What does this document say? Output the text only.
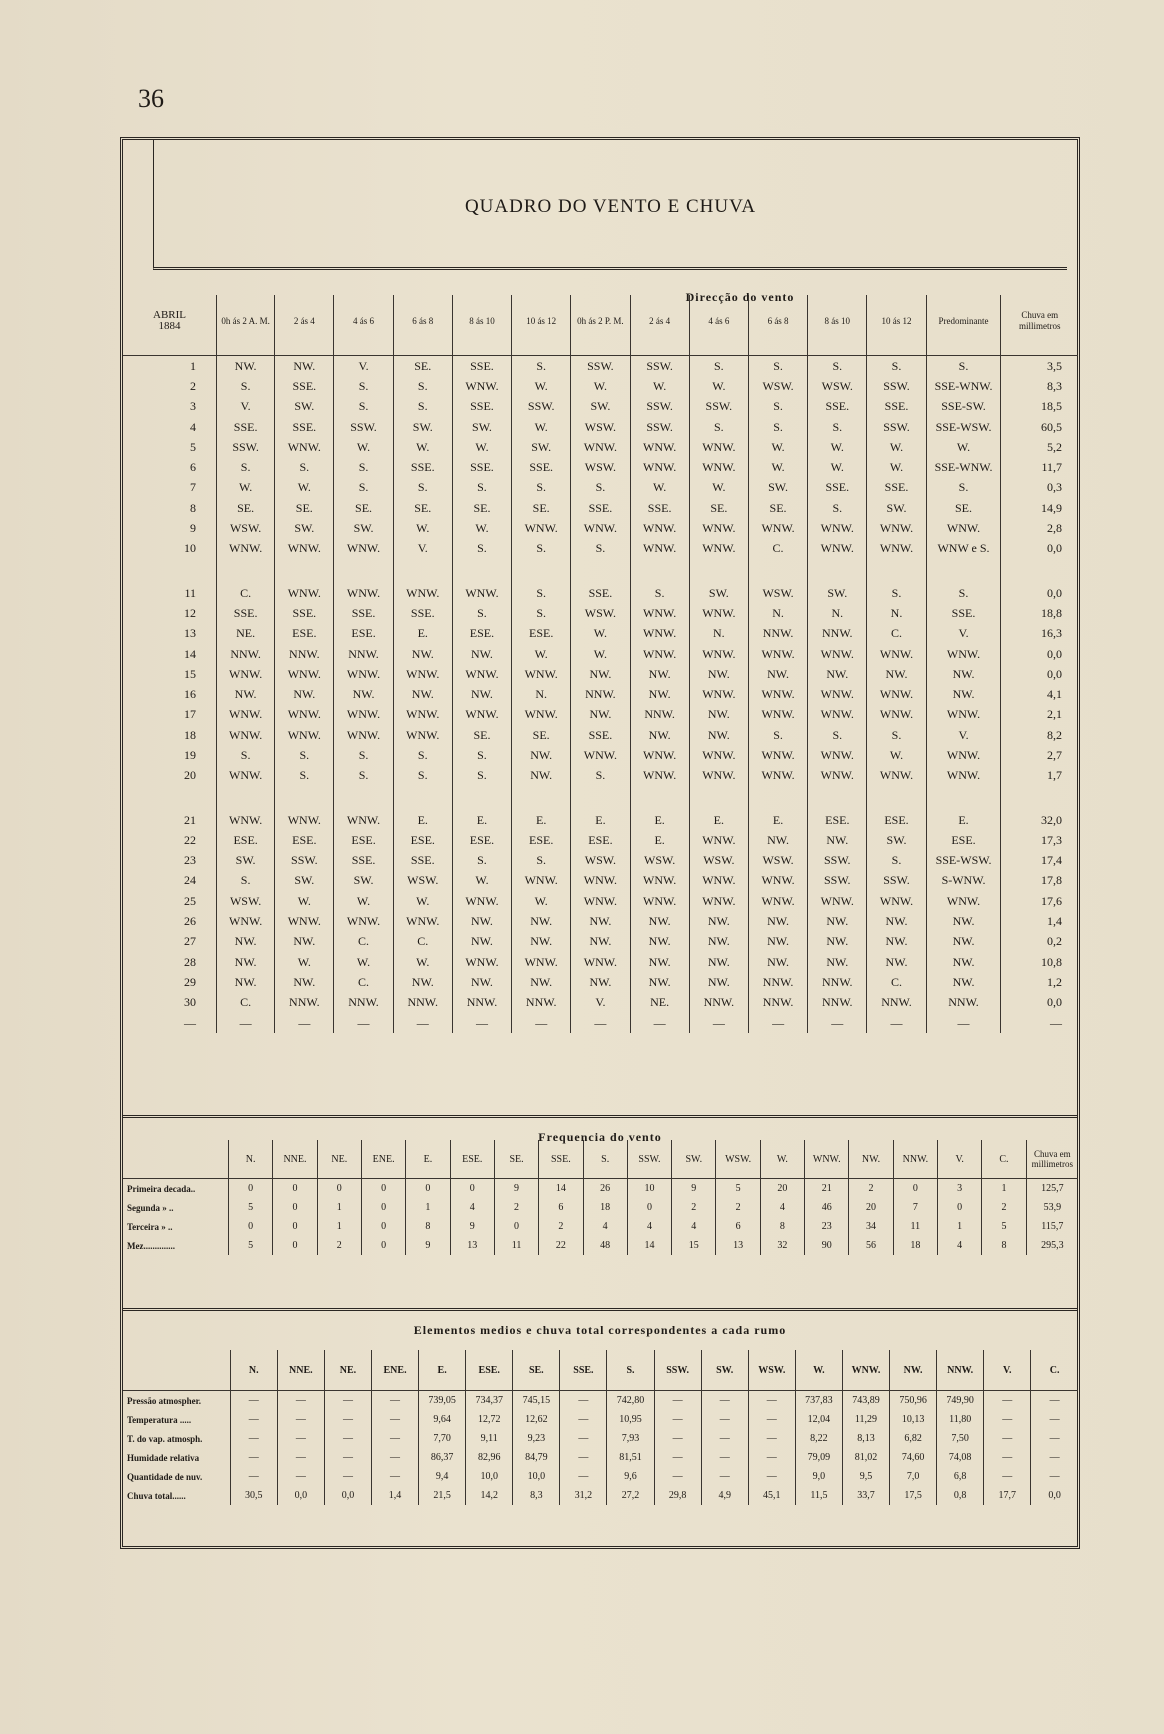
36
QUADRO DO VENTO E CHUVA
Direcção do vento
ABRIL
1884	0h ás 2 A. M.	2 ás 4	4 ás 6	6 ás 8	8 ás 10	10 ás 12	0h ás 2 P. M.	2 ás 4	4 ás 6	6 ás 8	8 ás 10	10 ás 12	Predominante	Chuva em millimetros

1	NW.	NW.	V.	SE.	SSE.	S.	SSW.	SSW.	S.	S.	S.	S.	S.	3,5
2	S.	SSE.	S.	S.	WNW.	W.	W.	W.	W.	WSW.	WSW.	SSW.	SSE-WNW.	8,3
3	V.	SW.	S.	S.	SSE.	SSW.	SW.	SSW.	SSW.	S.	SSE.	SSE.	SSE-SW.	18,5
4	SSE.	SSE.	SSW.	SW.	SW.	W.	WSW.	SSW.	S.	S.	S.	SSW.	SSE-WSW.	60,5
5	SSW.	WNW.	W.	W.	W.	SW.	WNW.	WNW.	WNW.	W.	W.	W.	W.	5,2
6	S.	S.	S.	SSE.	SSE.	SSE.	WSW.	WNW.	WNW.	W.	W.	W.	SSE-WNW.	11,7
7	W.	W.	S.	S.	S.	S.	S.	W.	W.	SW.	SSE.	SSE.	S.	0,3
8	SE.	SE.	SE.	SE.	SE.	SE.	SSE.	SSE.	SE.	SE.	S.	SW.	SE.	14,9
9	WSW.	SW.	SW.	W.	W.	WNW.	WNW.	WNW.	WNW.	WNW.	WNW.	WNW.	WNW.	2,8
10	WNW.	WNW.	WNW.	V.	S.	S.	S.	WNW.	WNW.	C.	WNW.	WNW.	WNW e S.	0,0

11	C.	WNW.	WNW.	WNW.	WNW.	S.	SSE.	S.	SW.	WSW.	SW.	S.	S.	0,0
12	SSE.	SSE.	SSE.	SSE.	S.	S.	WSW.	WNW.	WNW.	N.	N.	N.	SSE.	18,8
13	NE.	ESE.	ESE.	E.	ESE.	ESE.	W.	WNW.	N.	NNW.	NNW.	C.	V.	16,3
14	NNW.	NNW.	NNW.	NW.	NW.	W.	W.	WNW.	WNW.	WNW.	WNW.	WNW.	WNW.	0,0
15	WNW.	WNW.	WNW.	WNW.	WNW.	WNW.	NW.	NW.	NW.	NW.	NW.	NW.	NW.	0,0
16	NW.	NW.	NW.	NW.	NW.	N.	NNW.	NW.	WNW.	WNW.	WNW.	WNW.	NW.	4,1
17	WNW.	WNW.	WNW.	WNW.	WNW.	WNW.	NW.	NNW.	NW.	WNW.	WNW.	WNW.	WNW.	2,1
18	WNW.	WNW.	WNW.	WNW.	SE.	SE.	SSE.	NW.	NW.	S.	S.	S.	V.	8,2
19	S.	S.	S.	S.	S.	NW.	WNW.	WNW.	WNW.	WNW.	WNW.	W.	WNW.	2,7
20	WNW.	S.	S.	S.	S.	NW.	S.	WNW.	WNW.	WNW.	WNW.	WNW.	WNW.	1,7

21	WNW.	WNW.	WNW.	E.	E.	E.	E.	E.	E.	E.	ESE.	ESE.	E.	32,0
22	ESE.	ESE.	ESE.	ESE.	ESE.	ESE.	ESE.	E.	WNW.	NW.	NW.	SW.	ESE.	17,3
23	SW.	SSW.	SSE.	SSE.	S.	S.	WSW.	WSW.	WSW.	WSW.	SSW.	S.	SSE-WSW.	17,4
24	S.	SW.	SW.	WSW.	W.	WNW.	WNW.	WNW.	WNW.	WNW.	SSW.	SSW.	S-WNW.	17,8
25	WSW.	W.	W.	W.	WNW.	W.	WNW.	WNW.	WNW.	WNW.	WNW.	WNW.	WNW.	17,6
26	WNW.	WNW.	WNW.	WNW.	NW.	NW.	NW.	NW.	NW.	NW.	NW.	NW.	NW.	1,4
27	NW.	NW.	C.	C.	NW.	NW.	NW.	NW.	NW.	NW.	NW.	NW.	NW.	0,2
28	NW.	W.	W.	W.	WNW.	WNW.	WNW.	NW.	NW.	NW.	NW.	NW.	NW.	10,8
29	NW.	NW.	C.	NW.	NW.	NW.	NW.	NW.	NW.	NNW.	NNW.	C.	NW.	1,2
30	C.	NNW.	NNW.	NNW.	NNW.	NNW.	V.	NE.	NNW.	NNW.	NNW.	NNW.	NNW.	0,0
—	—	—	—	—	—	—	—	—	—	—	—	—	—	—
Frequencia do vento
	N.	NNE.	NE.	ENE.	E.	ESE.	SE.	SSE.	S.	SSW.	SW.	WSW.	W.	WNW.	NW.	NNW.	V.	C.	Chuva em millimetros
Primeira decada..	0	0	0	0	0	0	9	14	26	10	9	5	20	21	2	0	3	1	125,7
Segunda » ..	5	0	1	0	1	4	2	6	18	0	2	2	4	46	20	7	0	2	53,9
Terceira » ..	0	0	1	0	8	9	0	2	4	4	4	6	8	23	34	11	1	5	115,7
Mez..............	5	0	2	0	9	13	11	22	48	14	15	13	32	90	56	18	4	8	295,3
Elementos medios e chuva total correspondentes a cada rumo
	N.	NNE.	NE.	ENE.	E.	ESE.	SE.	SSE.	S.	SSW.	SW.	WSW.	W.	WNW.	NW.	NNW.	V.	C.
Pressão atmospher.	—	—	—	—	739,05	734,37	745,15	—	742,80	—	—	—	737,83	743,89	750,96	749,90	—	—
Temperatura .....	—	—	—	—	9,64	12,72	12,62	—	10,95	—	—	—	12,04	11,29	10,13	11,80	—	—
T. do vap. atmosph.	—	—	—	—	7,70	9,11	9,23	—	7,93	—	—	—	8,22	8,13	6,82	7,50	—	—
Humidade relativa	—	—	—	—	86,37	82,96	84,79	—	81,51	—	—	—	79,09	81,02	74,60	74,08	—	—
Quantidade de nuv.	—	—	—	—	9,4	10,0	10,0	—	9,6	—	—	—	9,0	9,5	7,0	6,8	—	—
Chuva total......	30,5	0,0	0,0	1,4	21,5	14,2	8,3	31,2	27,2	29,8	4,9	45,1	11,5	33,7	17,5	0,8	17,7	0,0
